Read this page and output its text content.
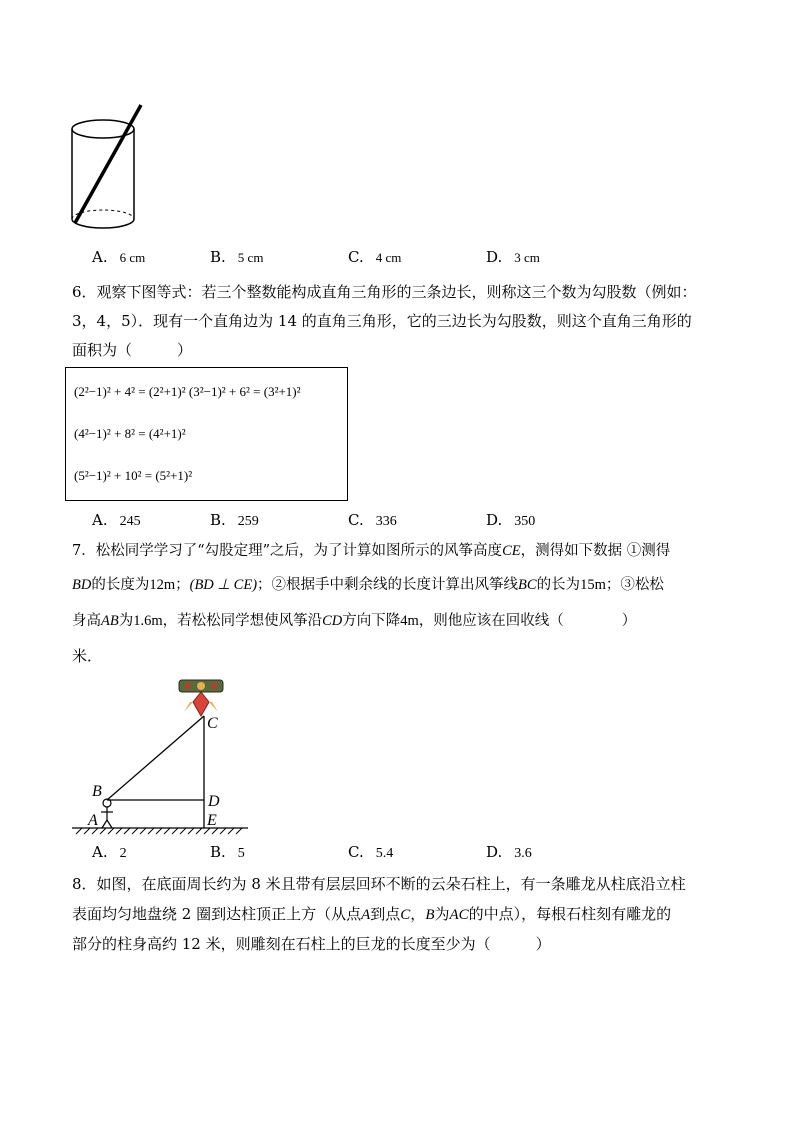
A. 6 cm	B. 5 cm	C. 4 cm	D. 3 cm
6．观察下图等式：若三个整数能构成直角三角形的三条边长，则称这三个数为勾股数（例如：
3，4，5）．现有一个直角边为 14 的直角三角形，它的三边长为勾股数，则这个直角三角形的
面积为（　　　）
(2²−1)² + 4² = (2²+1)² (3²−1)² + 6² = (3²+1)²
(4²−1)² + 8² = (4²+1)²
(5²−1)² + 10² = (5²+1)²
A. 245	B. 259	C. 336	D. 350
7．松松同学学习了“勾股定理”之后，为了计算如图所示的风筝高度CE，测得如下数据 ①测得
BD的长度为12m；(BD ⊥ CE)；②根据手中剩余线的长度计算出风筝线BC的长为15m；③松松
身高AB为1.6m，若松松同学想使风筝沿CD方向下降4m，则他应该在回收线（　　　　）
米．
B
A
C
D
E
A. 2	B. 5	C. 5.4	D. 3.6
8．如图，在底面周长约为 8 米且带有层层回环不断的云朵石柱上，有一条雕龙从柱底沿立柱
表面均匀地盘绕 2 圈到达柱顶正上方（从点A到点C，B为AC的中点），每根石柱刻有雕龙的
部分的柱身高约 12 米，则雕刻在石柱上的巨龙的长度至少为（　　　）
